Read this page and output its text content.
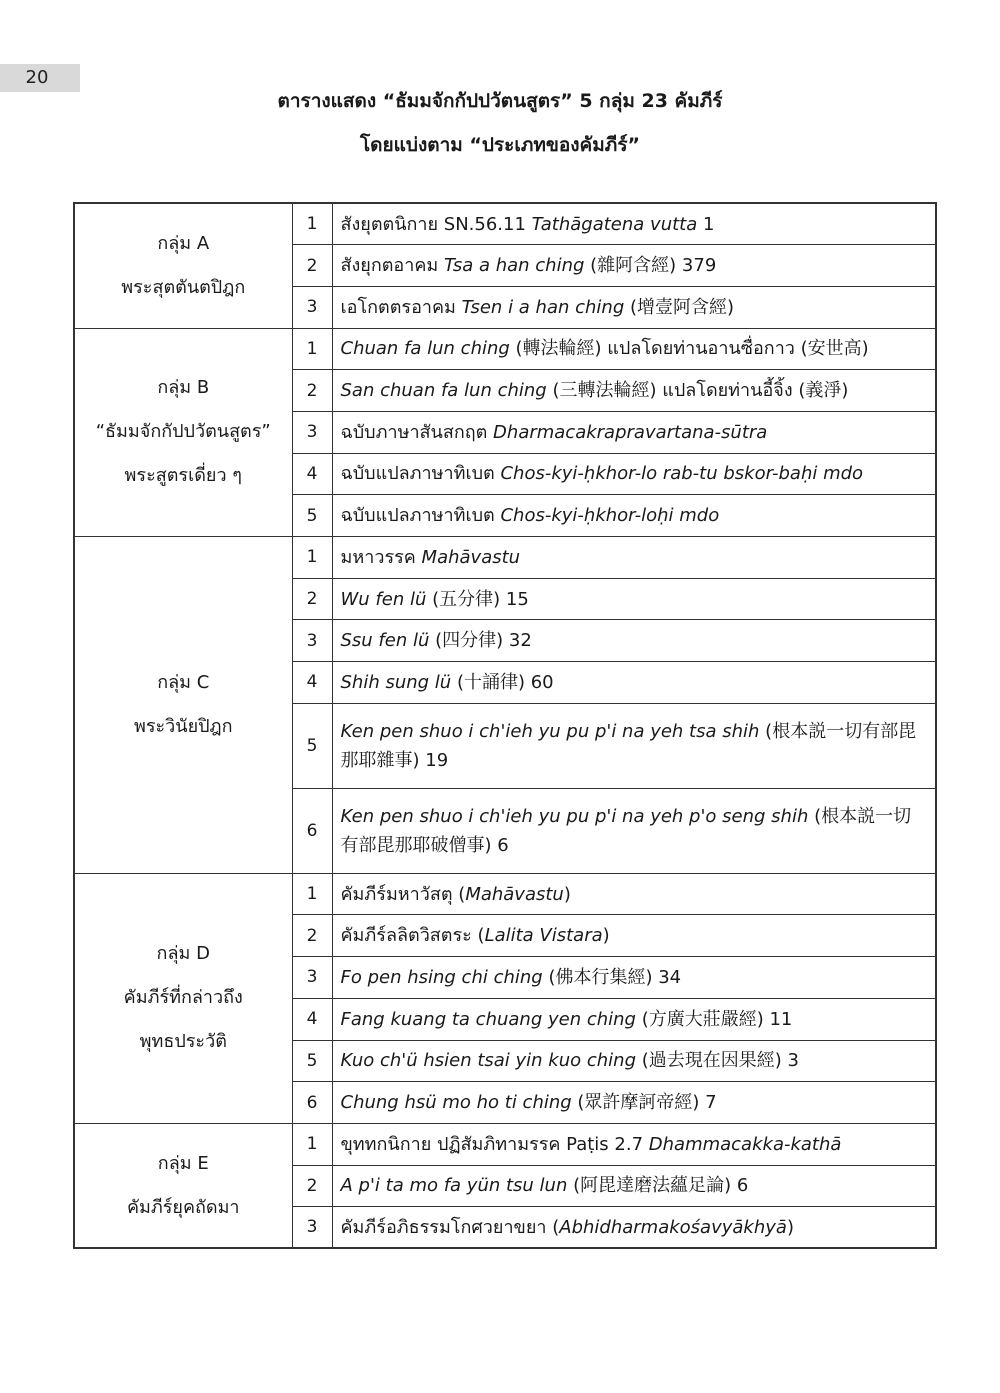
20
ตารางแสดง “ธัมมจักกัปปวัตนสูตร” 5 กลุ่ม 23 คัมภีร์
โดยแบ่งตาม “ประเภทของคัมภีร์”
กลุ่ม A
พระสุตตันตปิฎก	1	สังยุตตนิกาย SN.56.11 Tathāgatena vutta 1
	2	สังยุกตอาคม Tsa a han ching (雜阿含經) 379
	3	เอโกตตรอาคม Tsen i a han ching (增壹阿含經)

กลุ่ม B
“ธัมมจักกัปปวัตนสูตร”
พระสูตรเดี่ยว ๆ	1	Chuan fa lun ching (轉法輪經) แปลโดยท่านอานซื่อกาว (安世高)
	2	San chuan fa lun ching (三轉法輪經) แปลโดยท่านอี้จิ้ง (義淨)
	3	ฉบับภาษาสันสกฤต Dharmacakrapravartana-sūtra
	4	ฉบับแปลภาษาทิเบต Chos-kyi-ḥkhor-lo rab-tu bskor-baḥi mdo
	5	ฉบับแปลภาษาทิเบต Chos-kyi-ḥkhor-loḥi mdo

กลุ่ม C
พระวินัยปิฎก	1	มหาวรรค Mahāvastu
	2	Wu fen lü (五分律) 15
	3	Ssu fen lü (四分律) 32
	4	Shih sung lü (十誦律) 60
	5	Ken pen shuo i ch'ieh yu pu p'i na yeh tsa shih (根本説一切有部毘那耶雜事) 19
	6	Ken pen shuo i ch'ieh yu pu p'i na yeh p'o seng shih (根本説一切有部毘那耶破僧事) 6

กลุ่ม D
คัมภีร์ที่กล่าวถึง
พุทธประวัติ	1	คัมภีร์มหาวัสตุ (Mahāvastu)
	2	คัมภีร์ลลิตวิสตระ (Lalita Vistara)
	3	Fo pen hsing chi ching (佛本行集經) 34
	4	Fang kuang ta chuang yen ching (方廣大莊嚴經) 11
	5	Kuo ch'ü hsien tsai yin kuo ching (過去現在因果經) 3
	6	Chung hsü mo ho ti ching (眾許摩訶帝經) 7

กลุ่ม E
คัมภีร์ยุคถัดมา	1	ขุททกนิกาย ปฏิสัมภิทามรรค Paṭis 2.7 Dhammacakka-kathā
	2	A p'i ta mo fa yün tsu lun (阿毘達磨法蘊足論) 6
	3	คัมภีร์อภิธรรมโกศวยาขยา (Abhidharmakośavyākhyā)
